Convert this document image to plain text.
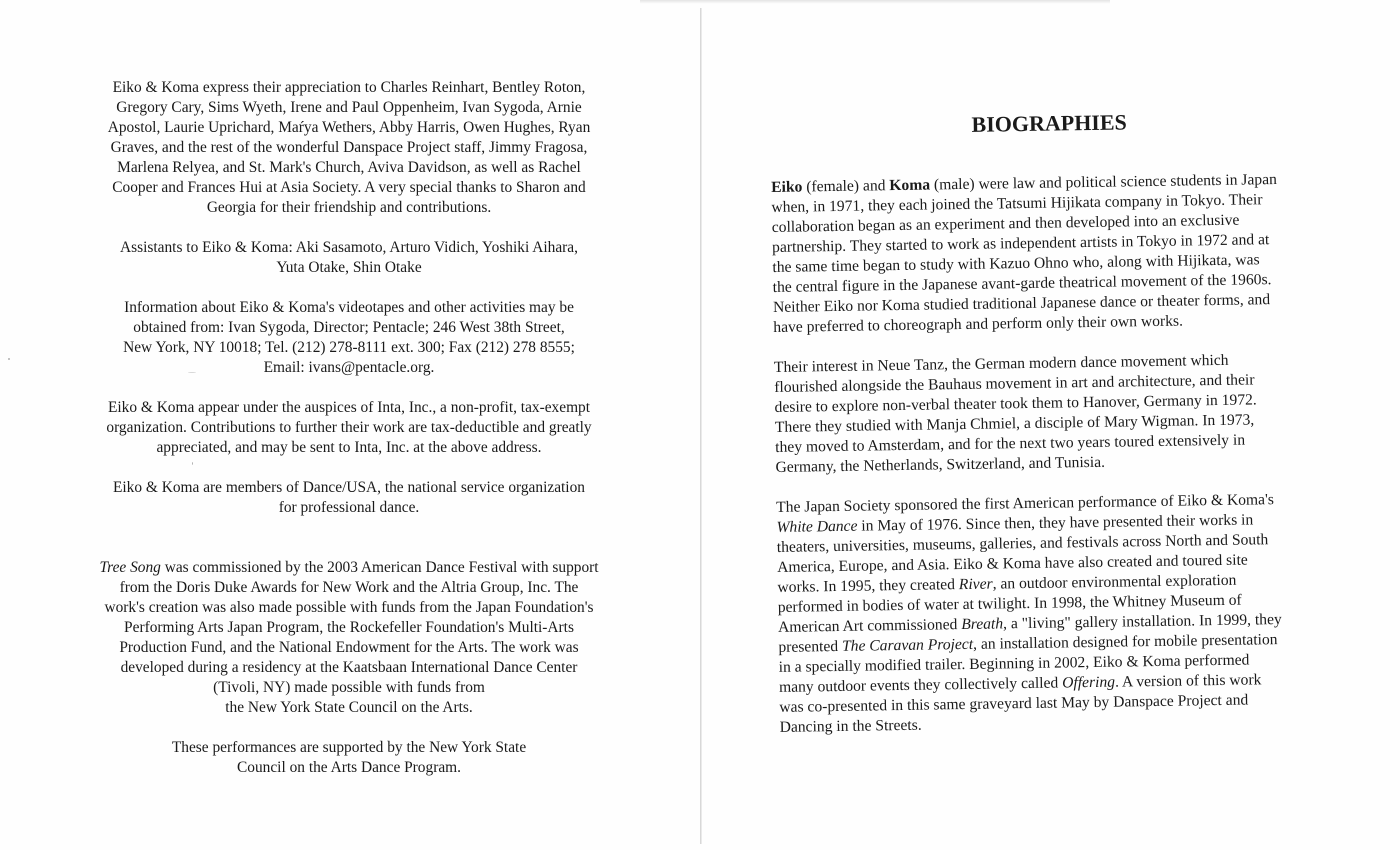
Eiko & Koma express their appreciation to Charles Reinhart, Bentley Roton,
Gregory Cary, Sims Wyeth, Irene and Paul Oppenheim, Ivan Sygoda, Arnie
Apostol, Laurie Uprichard, Maŕya Wethers, Abby Harris, Owen Hughes, Ryan
Graves, and the rest of the wonderful Danspace Project staff, Jimmy Fragosa,
Marlena Relyea, and St. Mark's Church, Aviva Davidson, as well as Rachel
Cooper and Frances Hui at Asia Society. A very special thanks to Sharon and
Georgia for their friendship and contributions.

Assistants to Eiko & Koma: Aki Sasamoto, Arturo Vidich, Yoshiki Aihara,
Yuta Otake, Shin Otake

Information about Eiko & Koma's videotapes and other activities may be
obtained from: Ivan Sygoda, Director; Pentacle; 246 West 38th Street,
New York, NY 10018; Tel. (212) 278-8111 ext. 300; Fax (212) 278 8555;
Email: ivans@pentacle.org.

Eiko & Koma appear under the auspices of Inta, Inc., a non-profit, tax-exempt
organization. Contributions to further their work are tax-deductible and greatly
appreciated, and may be sent to Inta, Inc. at the above address.

Eiko & Koma are members of Dance/USA, the national service organization
for professional dance.

Tree Song was commissioned by the 2003 American Dance Festival with support
from the Doris Duke Awards for New Work and the Altria Group, Inc. The
work's creation was also made possible with funds from the Japan Foundation's
Performing Arts Japan Program, the Rockefeller Foundation's Multi-Arts
Production Fund, and the National Endowment for the Arts. The work was
developed during a residency at the Kaatsbaan International Dance Center
(Tivoli, NY) made possible with funds from
the New York State Council on the Arts.

These performances are supported by the New York State
Council on the Arts Dance Program.

BIOGRAPHIES

Eiko (female) and Koma (male) were law and political science students in Japan
when, in 1971, they each joined the Tatsumi Hijikata company in Tokyo. Their
collaboration began as an experiment and then developed into an exclusive
partnership. They started to work as independent artists in Tokyo in 1972 and at
the same time began to study with Kazuo Ohno who, along with Hijikata, was
the central figure in the Japanese avant-garde theatrical movement of the 1960s.
Neither Eiko nor Koma studied traditional Japanese dance or theater forms, and
have preferred to choreograph and perform only their own works.

Their interest in Neue Tanz, the German modern dance movement which
flourished alongside the Bauhaus movement in art and architecture, and their
desire to explore non-verbal theater took them to Hanover, Germany in 1972.
There they studied with Manja Chmiel, a disciple of Mary Wigman. In 1973,
they moved to Amsterdam, and for the next two years toured extensively in
Germany, the Netherlands, Switzerland, and Tunisia.

The Japan Society sponsored the first American performance of Eiko & Koma's
White Dance in May of 1976. Since then, they have presented their works in
theaters, universities, museums, galleries, and festivals across North and South
America, Europe, and Asia. Eiko & Koma have also created and toured site
works. In 1995, they created River, an outdoor environmental exploration
performed in bodies of water at twilight. In 1998, the Whitney Museum of
American Art commissioned Breath, a "living" gallery installation. In 1999, they
presented The Caravan Project, an installation designed for mobile presentation
in a specially modified trailer. Beginning in 2002, Eiko & Koma performed
many outdoor events they collectively called Offering. A version of this work
was co-presented in this same graveyard last May by Danspace Project and
Dancing in the Streets.
